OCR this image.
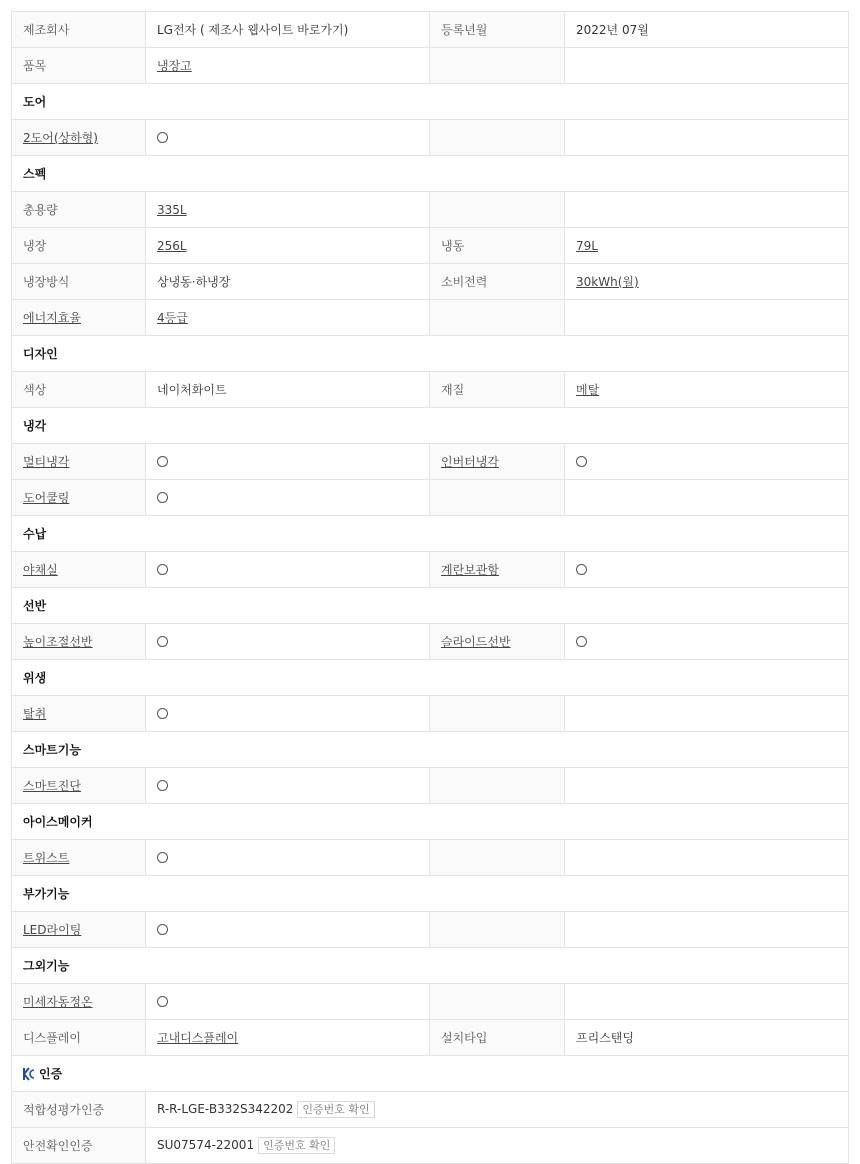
제조회사	LG전자 ( 제조사 웹사이트 바로가기)	등록년월	2022년 07월
품목	냉장고		
도어			
2도어(상하형)			
스펙			
총용량	335L		
냉장	256L	냉동	79L
냉장방식	상냉동·하냉장	소비전력	30kWh(월)
에너지효율	4등급		
디자인			
색상	네이처화이트	재질	메탈
냉각			
멀티냉각		인버터냉각	
도어쿨링			
수납			
야채실		계란보관함	
선반			
높이조절선반		슬라이드선반	
위생			
탈취			
스마트기능			
스마트진단			
아이스메이커			
트위스트			
부가기능			
LED라이팅			
그외기능			
미세자동정온			
디스플레이	고내디스플레이	설치타입	프리스탠딩
인증			
적합성평가인증	R-R-LGE-B332S342202 인증번호 확인		
안전확인인증	SU07574-22001 인증번호 확인		
